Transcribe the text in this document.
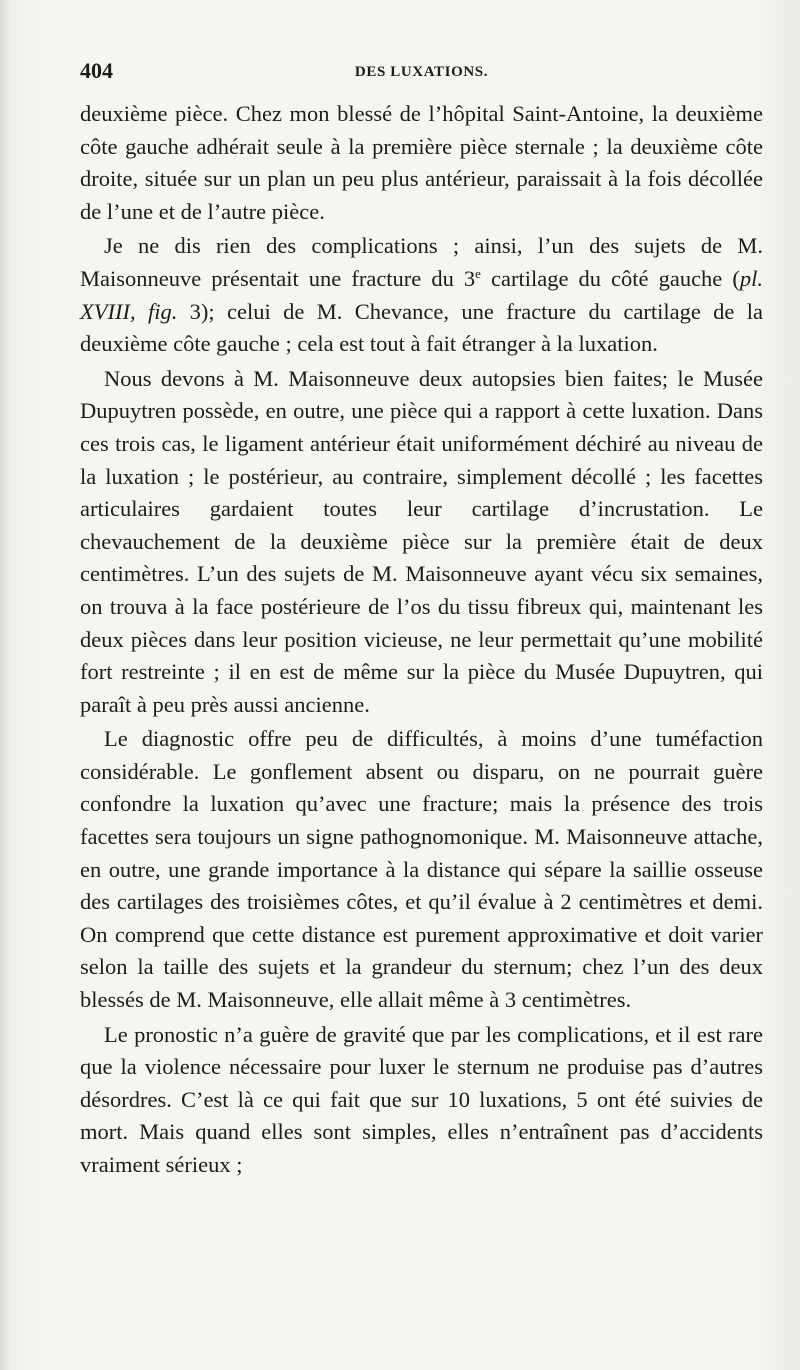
404	DES LUXATIONS.

deuxième pièce. Chez mon blessé de l’hôpital Saint-Antoine, la deuxième côte gauche adhérait seule à la première pièce sternale ; la deuxième côte droite, située sur un plan un peu plus antérieur, paraissait à la fois décollée de l’une et de l’autre pièce.

Je ne dis rien des complications ; ainsi, l’un des sujets de M. Maisonneuve présentait une fracture du 3e cartilage du côté gauche (pl. XVIII, fig. 3); celui de M. Chevance, une fracture du cartilage de la deuxième côte gauche ; cela est tout à fait étranger à la luxation.

Nous devons à M. Maisonneuve deux autopsies bien faites; le Musée Dupuytren possède, en outre, une pièce qui a rapport à cette luxation. Dans ces trois cas, le ligament antérieur était uniformément déchiré au niveau de la luxation ; le postérieur, au contraire, simplement décollé ; les facettes articulaires gardaient toutes leur cartilage d’incrustation. Le chevauchement de la deuxième pièce sur la première était de deux centimètres. L’un des sujets de M. Maisonneuve ayant vécu six semaines, on trouva à la face postérieure de l’os du tissu fibreux qui, maintenant les deux pièces dans leur position vicieuse, ne leur permettait qu’une mobilité fort restreinte ; il en est de même sur la pièce du Musée Dupuytren, qui paraît à peu près aussi ancienne.

Le diagnostic offre peu de difficultés, à moins d’une tuméfaction considérable. Le gonflement absent ou disparu, on ne pourrait guère confondre la luxation qu’avec une fracture; mais la présence des trois facettes sera toujours un signe pathognomonique. M. Maisonneuve attache, en outre, une grande importance à la distance qui sépare la saillie osseuse des cartilages des troisièmes côtes, et qu’il évalue à 2 centimètres et demi. On comprend que cette distance est purement approximative et doit varier selon la taille des sujets et la grandeur du sternum; chez l’un des deux blessés de M. Maisonneuve, elle allait même à 3 centimètres.

Le pronostic n’a guère de gravité que par les complications, et il est rare que la violence nécessaire pour luxer le sternum ne produise pas d’autres désordres. C’est là ce qui fait que sur 10 luxations, 5 ont été suivies de mort. Mais quand elles sont simples, elles n’entraînent pas d’accidents vraiment sérieux ;
